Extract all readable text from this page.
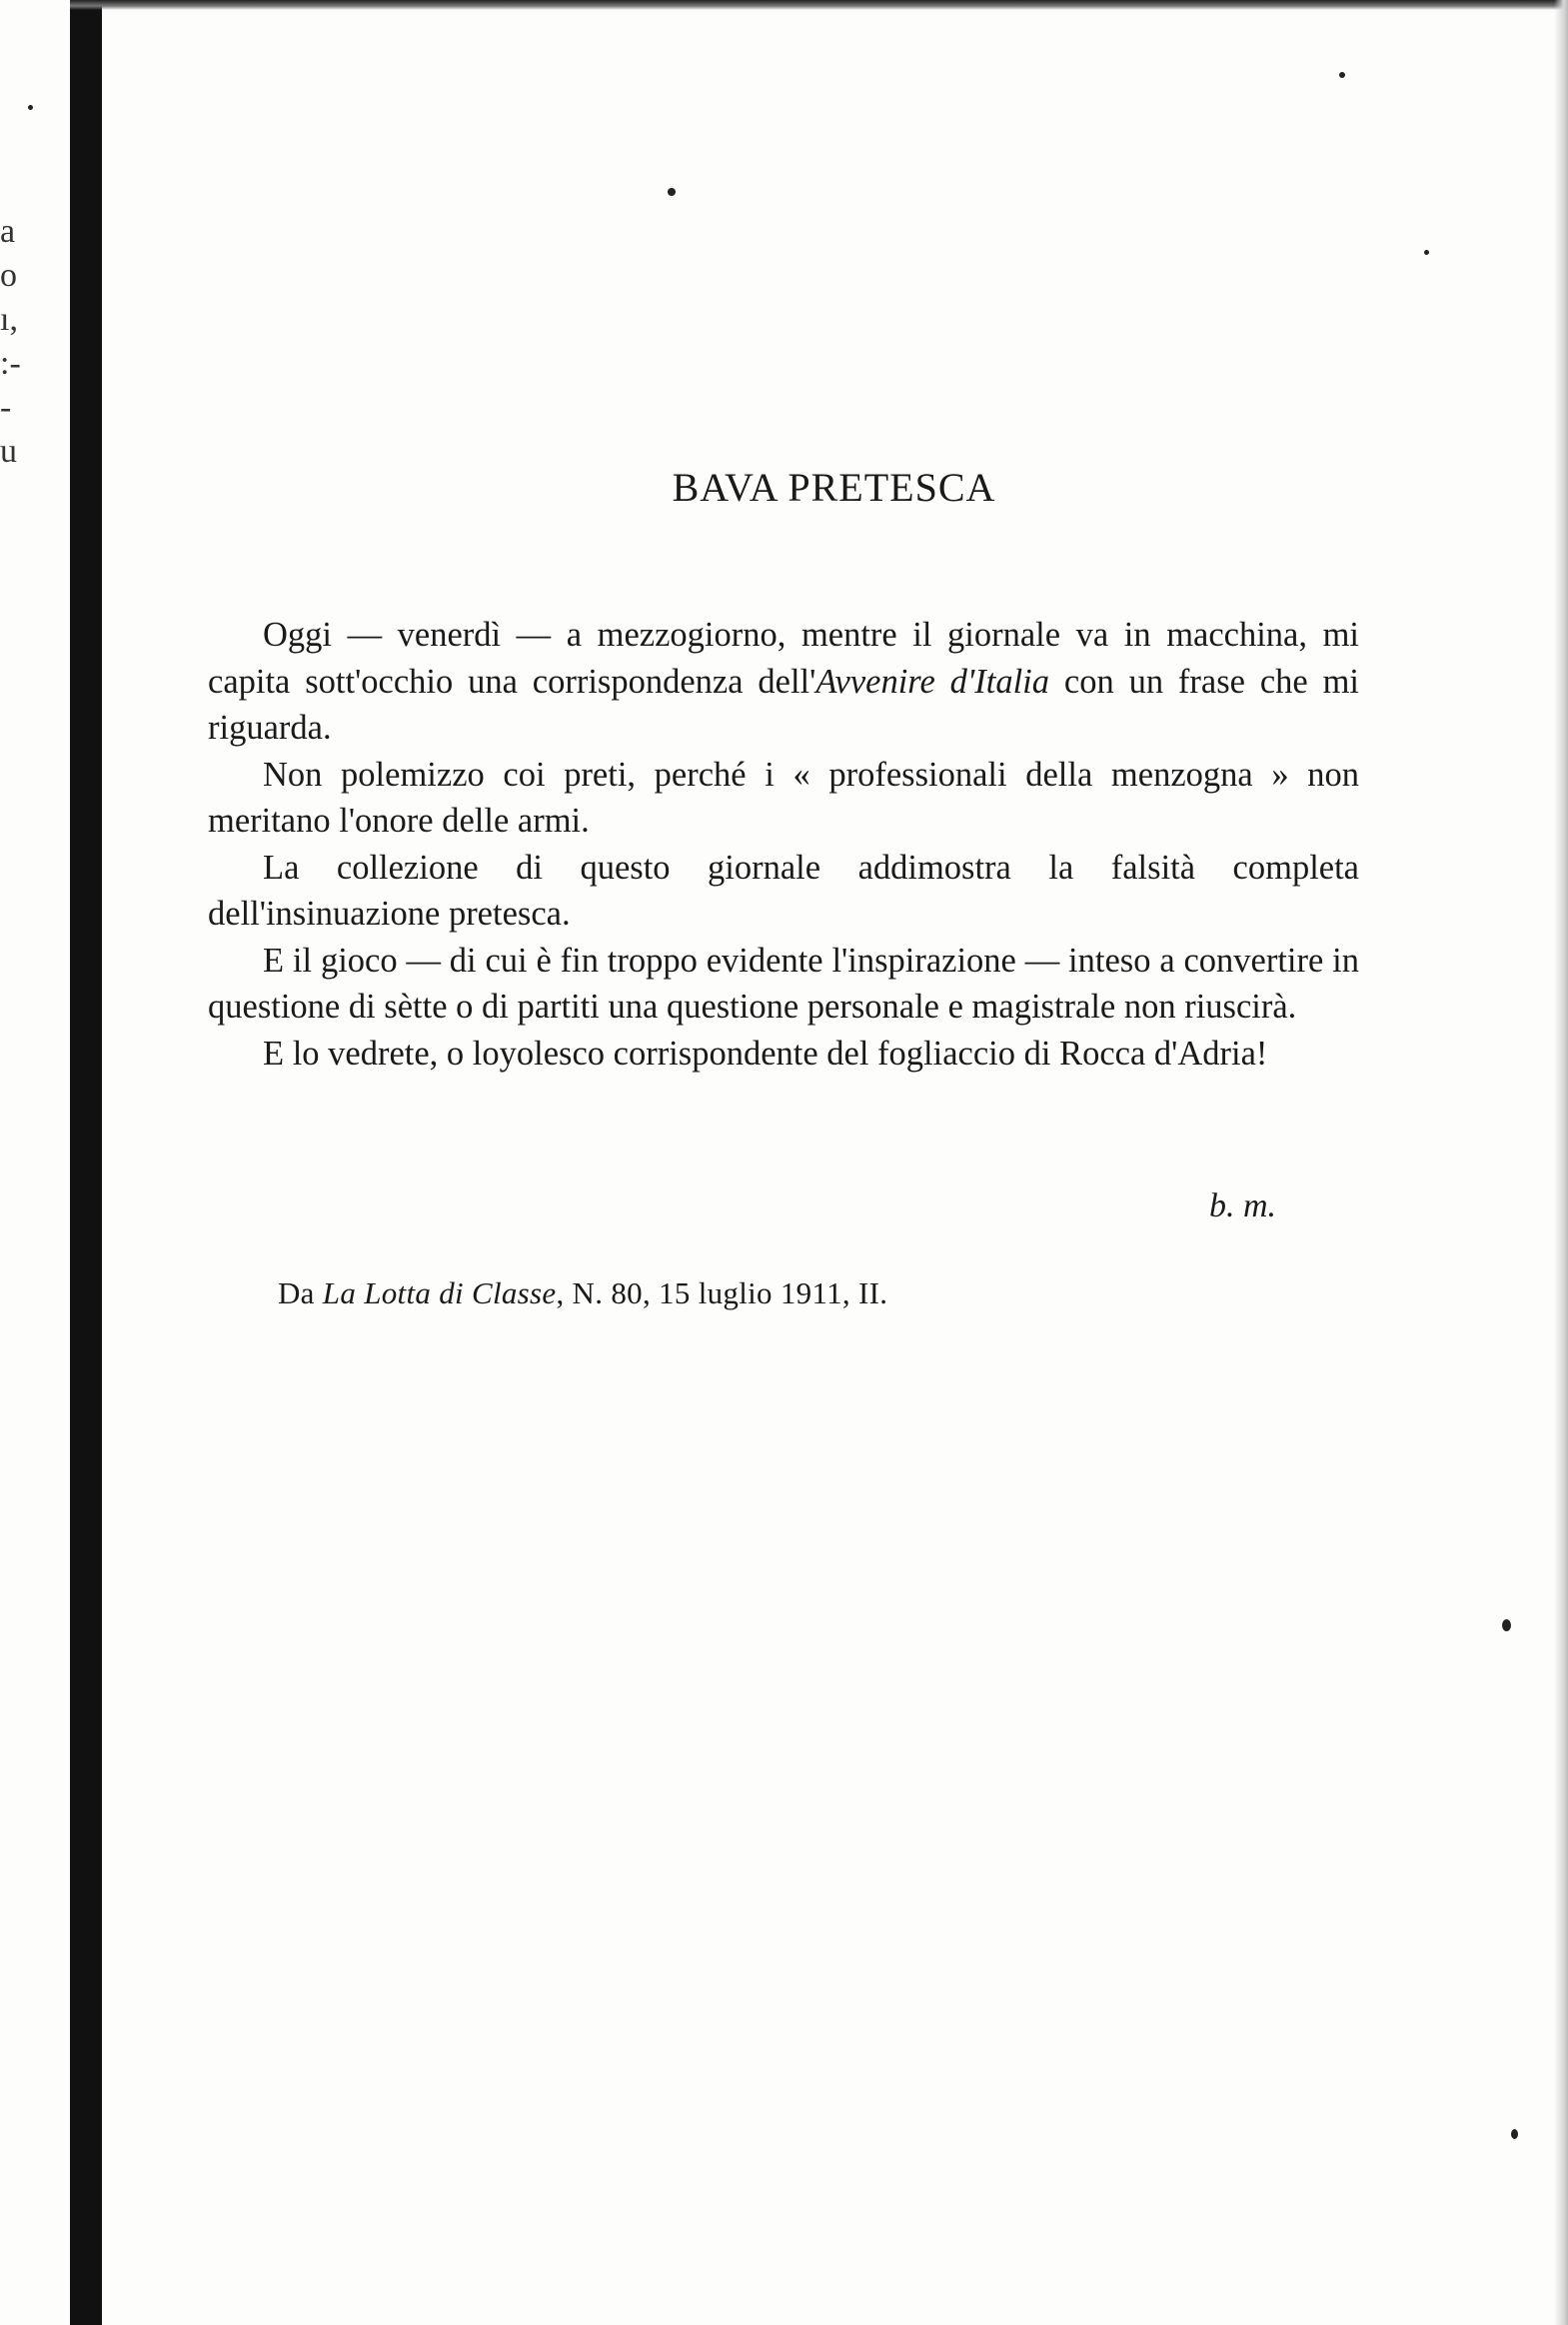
a
o
ı,
:-
-
u
BAVA PRETESCA

Oggi — venerdì — a mezzogiorno, mentre il giornale va in macchina, mi capita sott'occhio una corrispondenza dell'Avvenire d'Italia con un frase che mi riguarda.

Non polemizzo coi preti, perché i « professionali della menzogna » non meritano l'onore delle armi.

La collezione di questo giornale addimostra la falsità completa dell'insinuazione pretesca.

E il gioco — di cui è fin troppo evidente l'inspirazione — inteso a convertire in questione di sètte o di partiti una questione personale e magistrale non riuscirà.

E lo vedrete, o loyolesco corrispondente del fogliaccio di Rocca d'Adria!

b. m.
Da La Lotta di Classe, N. 80, 15 luglio 1911, II.
